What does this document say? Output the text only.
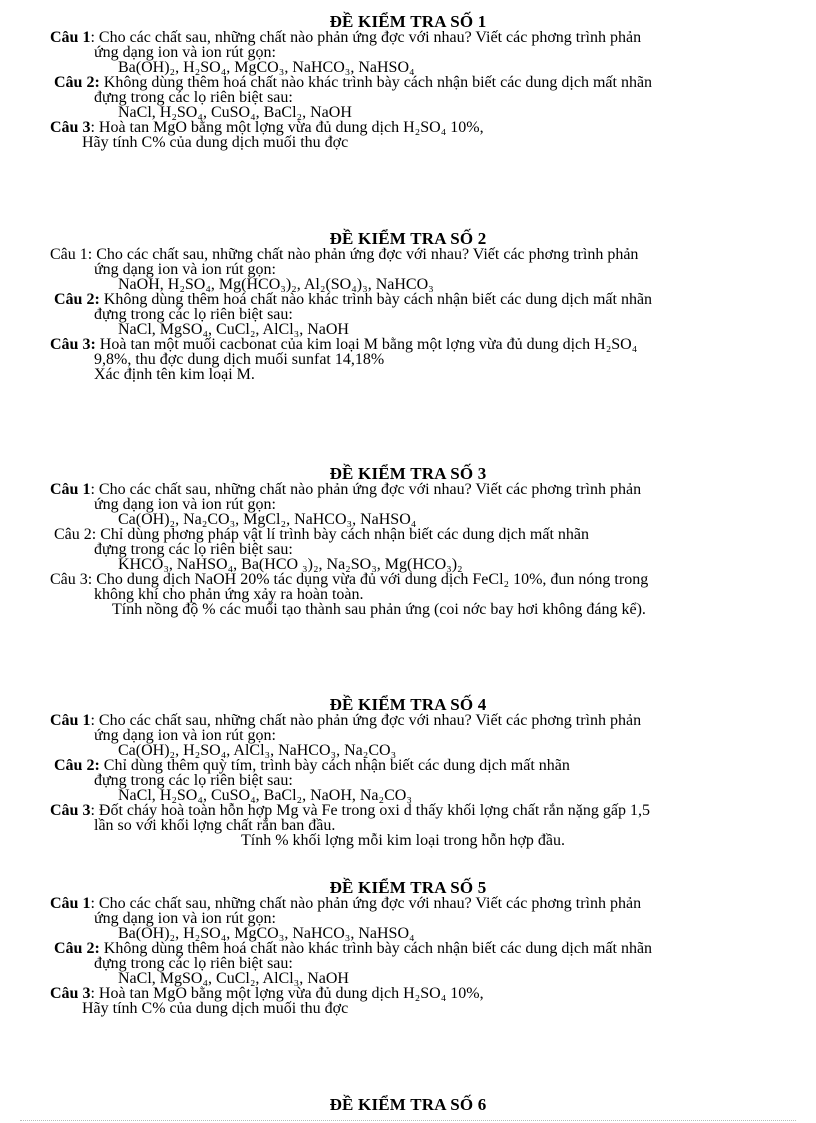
ĐỀ KIỂM TRA SỐ 1
Câu 1: Cho các chất sau, những chất nào phản ứng đợc với nhau? Viết các phơng trình phản
ứng dạng ion và ion rút gọn:
Ba(OH)₂, H₂SO₄, MgCO₃, NaHCO₃, NaHSO₄
Câu 2: Không dùng thêm hoá chất nào khác trình bày cách nhận biết các dung dịch mất nhãn
đựng trong các lọ riên biệt sau:
NaCl, H₂SO₄, CuSO₄, BaCl₂, NaOH
Câu 3: Hoà tan MgO bằng một lợng vừa đủ dung dịch H₂SO₄ 10%,
Hãy tính C% của dung dịch muối thu đợc
ĐỀ KIỂM TRA SỐ 2
Câu 1: Cho các chất sau, những chất nào phản ứng đợc với nhau? Viết các phơng trình phản
ứng dạng ion và ion rút gọn:
NaOH, H₂SO₄, Mg(HCO₃)₂, Al₂(SO₄)₃, NaHCO₃
Câu 2: Không dùng thêm hoá chất nào khác trình bày cách nhận biết các dung dịch mất nhãn
đựng trong các lọ riên biệt sau:
NaCl, MgSO₄, CuCl₂, AlCl₃, NaOH
Câu 3: Hoà tan một muối cacbonat của kim loại M bằng một lợng vừa đủ dung dịch H₂SO₄
9,8%, thu đợc dung dịch muối sunfat 14,18%
Xác định tên kim loại M.
ĐỀ KIỂM TRA SỐ 3
Câu 1: Cho các chất sau, những chất nào phản ứng đợc với nhau? Viết các phơng trình phản
ứng dạng ion và ion rút gọn:
Ca(OH)₂, Na₂CO₃, MgCl₂, NaHCO₃, NaHSO₄
Câu 2: Chỉ dùng phơng pháp vật lí trình bày cách nhận biết các dung dịch mất nhãn
đựng trong các lọ riên biệt sau:
KHCO₃, NaHSO₄, Ba(HCO ₃)₂, Na₂SO₃, Mg(HCO₃)₂
Câu 3: Cho dung dịch NaOH 20% tác dụng vừa đủ với dung dịch FeCl₂ 10%, đun nóng trong
không khí cho phản ứng xảy ra hoàn toàn.
Tính nồng độ % các muối tạo thành sau phản ứng (coi nớc bay hơi không đáng kể).
ĐỀ KIỂM TRA SỐ 4
Câu 1: Cho các chất sau, những chất nào phản ứng đợc với nhau? Viết các phơng trình phản
ứng dạng ion và ion rút gọn:
Ca(OH)₂, H₂SO₄, AlCl₃, NaHCO₃, Na₂CO₃
Câu 2: Chỉ dùng thêm quỳ tím, trình bày cách nhận biết các dung dịch mất nhãn
đựng trong các lọ riên biệt sau:
NaCl, H₂SO₄, CuSO₄, BaCl₂, NaOH, Na₂CO₃
Câu 3: Đốt cháy hoà toàn hỗn hợp Mg và Fe trong oxi d thấy khối lợng chất rắn nặng gấp 1,5
lần so với khối lợng chất rắn ban đầu.
Tính % khối lợng mỗi kim loại trong hỗn hợp đầu.
ĐỀ KIỂM TRA SỐ 5
Câu 1: Cho các chất sau, những chất nào phản ứng đợc với nhau? Viết các phơng trình phản
ứng dạng ion và ion rút gọn:
Ba(OH)₂, H₂SO₄, MgCO₃, NaHCO₃, NaHSO₄
Câu 2: Không dùng thêm hoá chất nào khác trình bày cách nhận biết các dung dịch mất nhãn
đựng trong các lọ riên biệt sau:
NaCl, MgSO₄, CuCl₂, AlCl₃, NaOH
Câu 3: Hoà tan MgO bằng một lợng vừa đủ dung dịch H₂SO₄ 10%,
Hãy tính C% của dung dịch muối thu đợc
ĐỀ KIỂM TRA SỐ 6
